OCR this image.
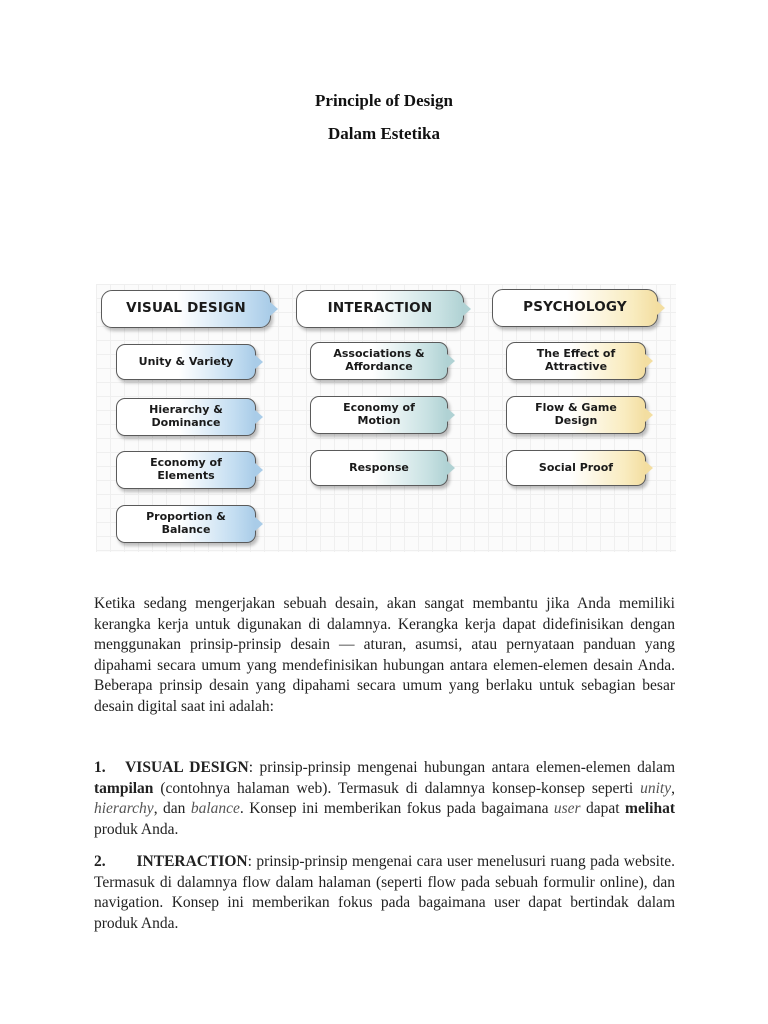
Principle of Design
Dalam Estetika
VISUAL DESIGN	INTERACTION	PSYCHOLOGY
Unity & Variety
Hierarchy &
Dominance
Economy of
Elements
Proportion &
Balance
Associations &
Affordance
Economy of
Motion
Response
The Effect of
Attractive
Flow & Game
Design
Social Proof
Ketika sedang mengerjakan sebuah desain, akan sangat membantu jika Anda memiliki kerangka kerja untuk digunakan di dalamnya. Kerangka kerja dapat didefinisikan dengan menggunakan prinsip-prinsip desain — aturan, asumsi, atau pernyataan panduan yang dipahami secara umum yang mendefinisikan hubungan antara elemen-elemen desain Anda. Beberapa prinsip desain yang dipahami secara umum yang berlaku untuk sebagian besar desain digital saat ini adalah:
1. VISUAL DESIGN: prinsip-prinsip mengenai hubungan antara elemen-elemen dalam tampilan (contohnya halaman web). Termasuk di dalamnya konsep-konsep seperti unity, hierarchy, dan balance. Konsep ini memberikan fokus pada bagaimana user dapat melihat produk Anda.
2. INTERACTION: prinsip-prinsip mengenai cara user menelusuri ruang pada website. Termasuk di dalamnya flow dalam halaman (seperti flow pada sebuah formulir online), dan navigation. Konsep ini memberikan fokus pada bagaimana user dapat bertindak dalam produk Anda.
